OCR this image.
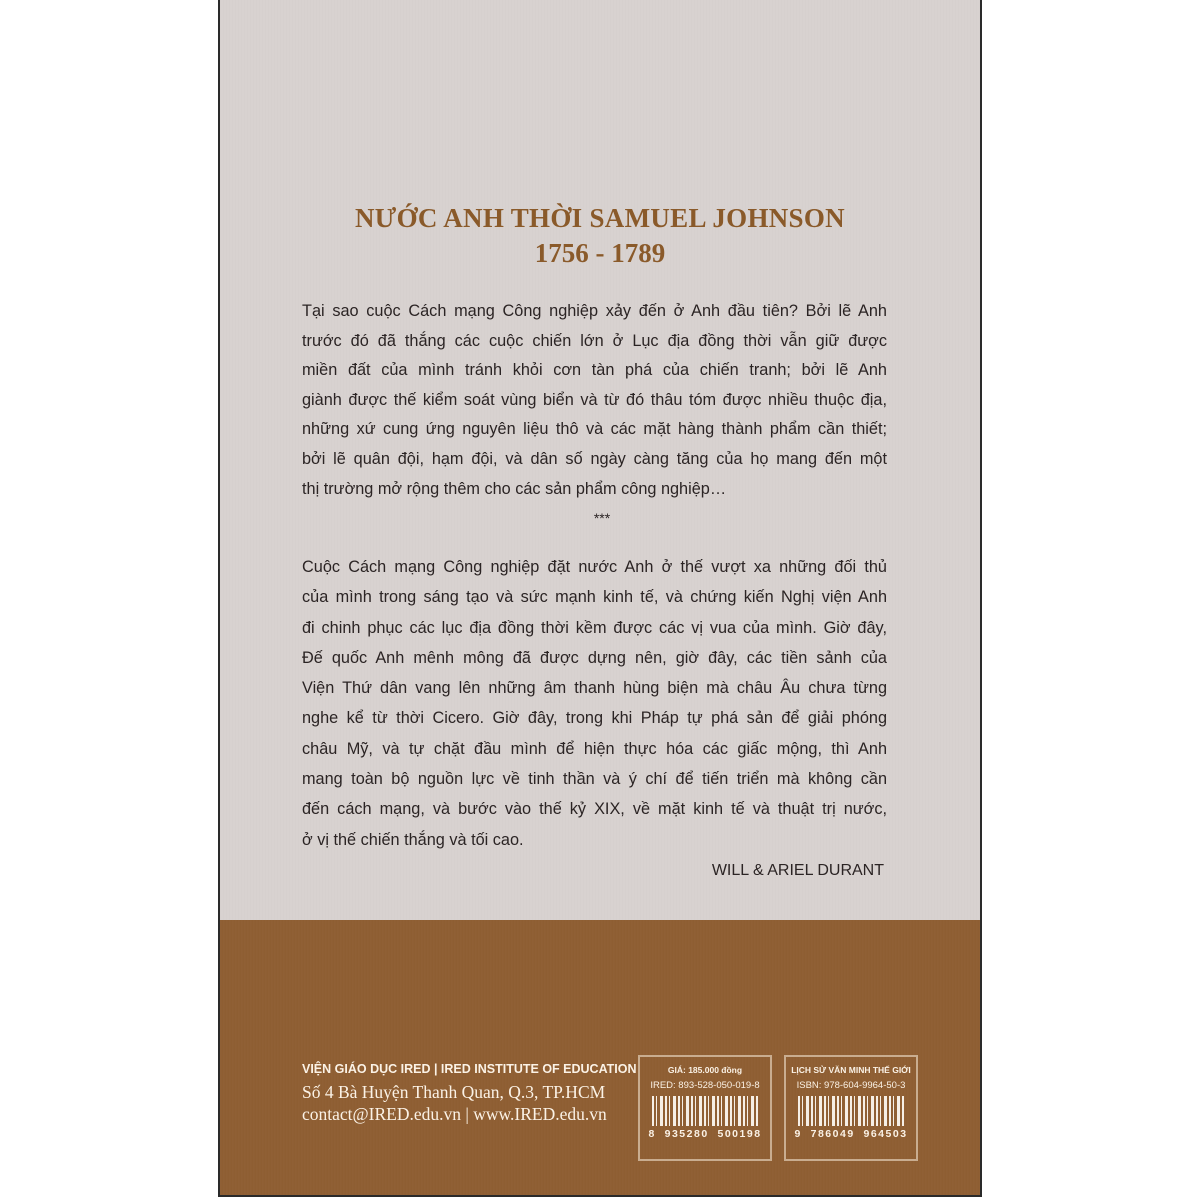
NƯỚC ANH THỜI SAMUEL JOHNSON
1756 - 1789
Tại sao cuộc Cách mạng Công nghiệp xảy đến ở Anh đầu tiên? Bởi lẽ Anh
trước đó đã thắng các cuộc chiến lớn ở Lục địa đồng thời vẫn giữ được
miền đất của mình tránh khỏi cơn tàn phá của chiến tranh; bởi lẽ Anh
giành được thế kiểm soát vùng biển và từ đó thâu tóm được nhiều thuộc địa,
những xứ cung ứng nguyên liệu thô và các mặt hàng thành phẩm cần thiết;
bởi lẽ quân đội, hạm đội, và dân số ngày càng tăng của họ mang đến một
thị trường mở rộng thêm cho các sản phẩm công nghiệp…
***
Cuộc Cách mạng Công nghiệp đặt nước Anh ở thế vượt xa những đối thủ
của mình trong sáng tạo và sức mạnh kinh tế, và chứng kiến Nghị viện Anh
đi chinh phục các lục địa đồng thời kềm được các vị vua của mình. Giờ đây,
Đế quốc Anh mênh mông đã được dựng nên, giờ đây, các tiền sảnh của
Viện Thứ dân vang lên những âm thanh hùng biện mà châu Âu chưa từng
nghe kể từ thời Cicero. Giờ đây, trong khi Pháp tự phá sản để giải phóng
châu Mỹ, và tự chặt đầu mình để hiện thực hóa các giấc mộng, thì Anh
mang toàn bộ nguồn lực về tinh thần và ý chí để tiến triển mà không cần
đến cách mạng, và bước vào thế kỷ XIX, về mặt kinh tế và thuật trị nước,
ở vị thế chiến thắng và tối cao.
WILL & ARIEL DURANT
VIỆN GIÁO DỤC IRED | IRED INSTITUTE OF EDUCATION
Số 4 Bà Huyện Thanh Quan, Q.3, TP.HCM
contact@IRED.edu.vn | www.IRED.edu.vn
GIÁ: 185.000 đồng
IRED: 893-528-050-019-8
8  935280  500198
LỊCH SỬ VĂN MINH THẾ GIỚI
ISBN: 978-604-9964-50-3
9  786049  964503
